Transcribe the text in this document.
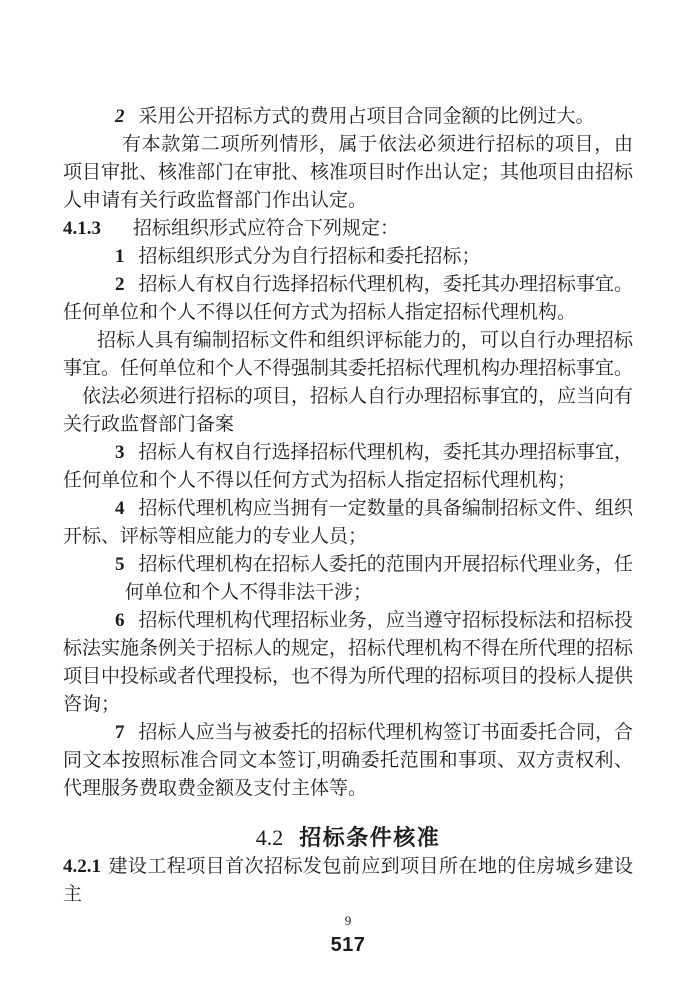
2 采用公开招标方式的费用占项目合同金额的比例过大。

有本款第二项所列情形，属于依法必须进行招标的项目，由项目审批、核准部门在审批、核准项目时作出认定；其他项目由招标人申请有关行政监督部门作出认定。

4.1.3 招标组织形式应符合下列规定：

1 招标组织形式分为自行招标和委托招标；

2 招标人有权自行选择招标代理机构，委托其办理招标事宜。任何单位和个人不得以任何方式为招标人指定招标代理机构。

招标人具有编制招标文件和组织评标能力的，可以自行办理招标事宜。任何单位和个人不得强制其委托招标代理机构办理招标事宜。

依法必须进行招标的项目，招标人自行办理招标事宜的，应当向有关行政监督部门备案

3 招标人有权自行选择招标代理机构，委托其办理招标事宜， 任何单位和个人不得以任何方式为招标人指定招标代理机构；

4 招标代理机构应当拥有一定数量的具备编制招标文件、组织开标、评标等相应能力的专业人员；

5 招标代理机构在招标人委托的范围内开展招标代理业务，任何单位和个人不得非法干涉；

6 招标代理机构代理招标业务，应当遵守招标投标法和招标投标法实施条例关于招标人的规定，招标代理机构不得在所代理的招标项目中投标或者代理投标，也不得为所代理的招标项目的投标人提供咨询；

7 招标人应当与被委托的招标代理机构签订书面委托合同，合同文本按照标准合同文本签订,明确委托范围和事项、双方责权利、代理服务费取费金额及支付主体等。

4.2 招标条件核准

4.2.1 建设工程项目首次招标发包前应到项目所在地的住房城乡建设主

9
517
